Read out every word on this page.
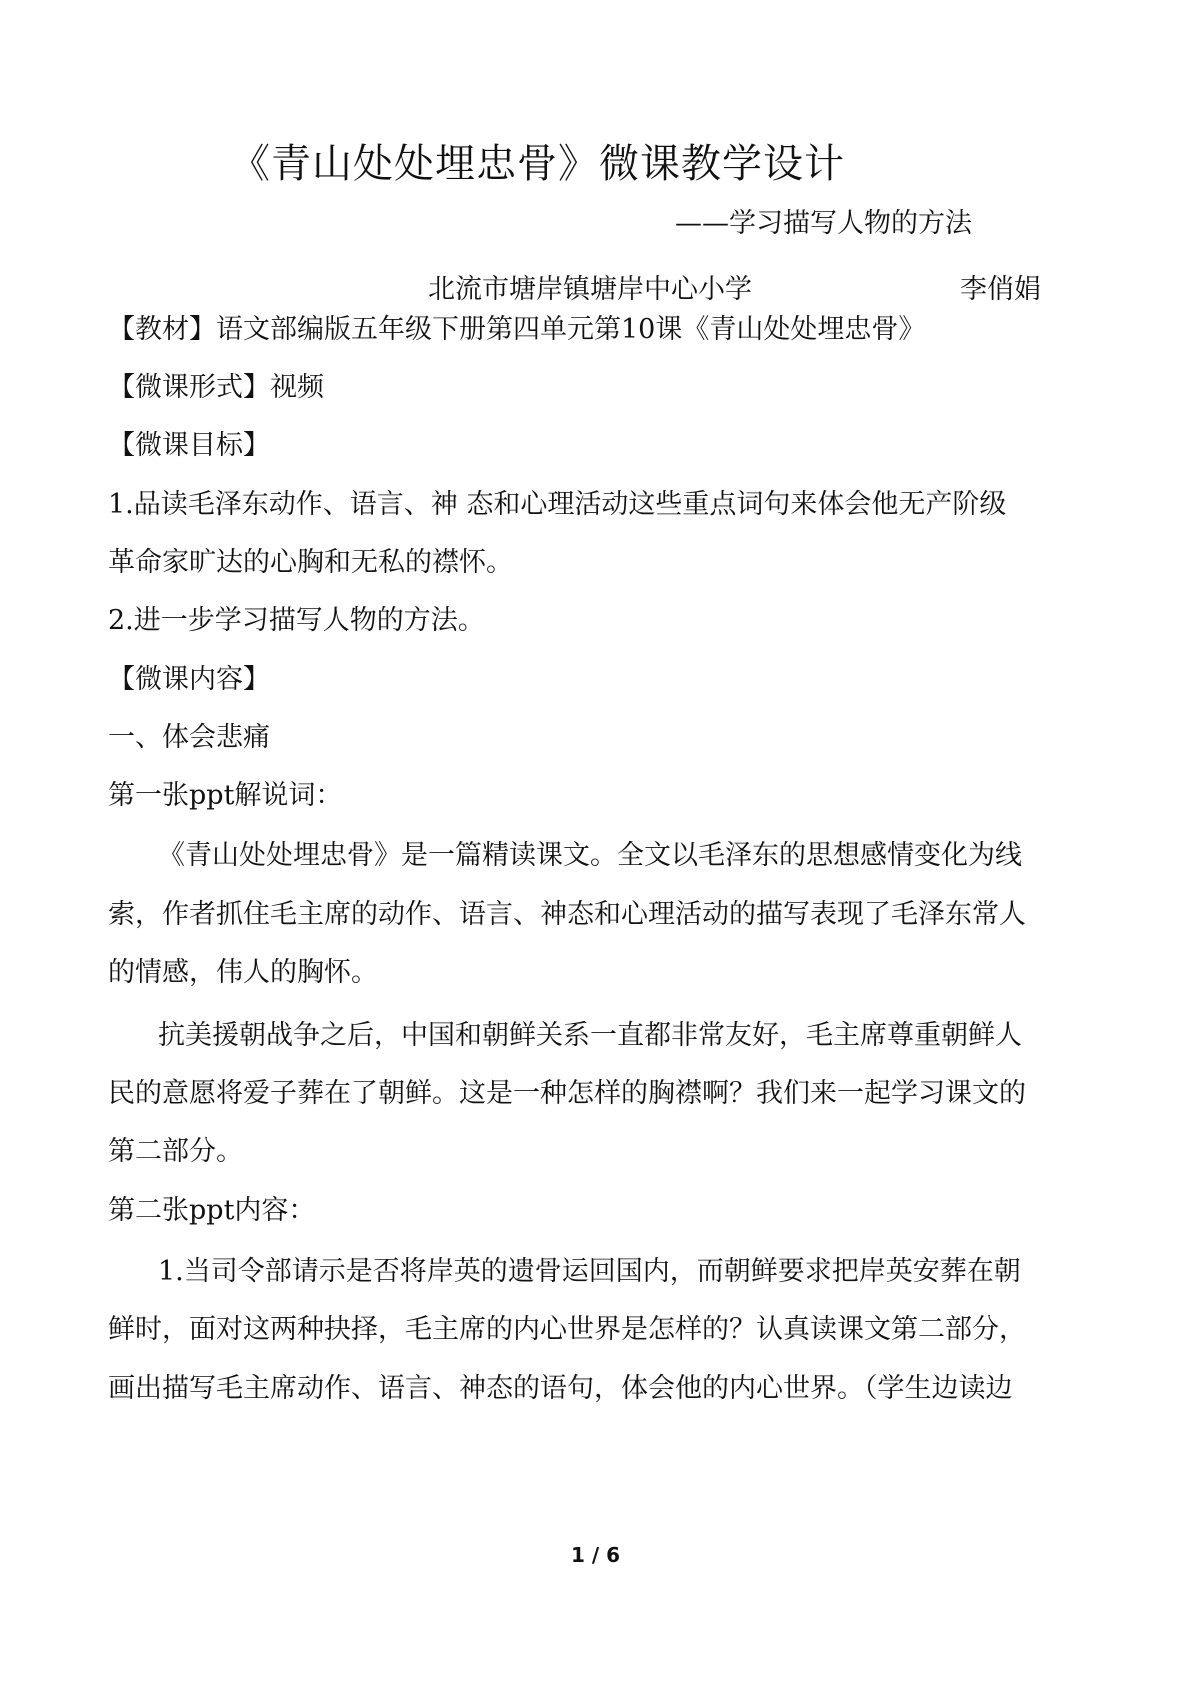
《青山处处埋忠骨》微课教学设计
——学习描写人物的方法
北流市塘岸镇塘岸中心小学	李俏娟
【教材】语文部编版五年级下册第四单元第10课《青山处处埋忠骨》
【微课形式】视频
【微课目标】
1.品读毛泽东动作、语言、神 态和心理活动这些重点词句来体会他无产阶级
革命家旷达的心胸和无私的襟怀。
2.进一步学习描写人物的方法。
【微课内容】
一、体会悲痛
第一张ppt解说词：
《青山处处埋忠骨》是一篇精读课文。全文以毛泽东的思想感情变化为线
索，作者抓住毛主席的动作、语言、神态和心理活动的描写表现了毛泽东常人
的情感，伟人的胸怀。
抗美援朝战争之后，中国和朝鲜关系一直都非常友好，毛主席尊重朝鲜人
民的意愿将爱子葬在了朝鲜。这是一种怎样的胸襟啊？我们来一起学习课文的
第二部分。
第二张ppt内容：
1.当司令部请示是否将岸英的遗骨运回国内，而朝鲜要求把岸英安葬在朝
鲜时，面对这两种抉择，毛主席的内心世界是怎样的？认真读课文第二部分，
画出描写毛主席动作、语言、神态的语句，体会他的内心世界。（学生边读边
1 / 6
